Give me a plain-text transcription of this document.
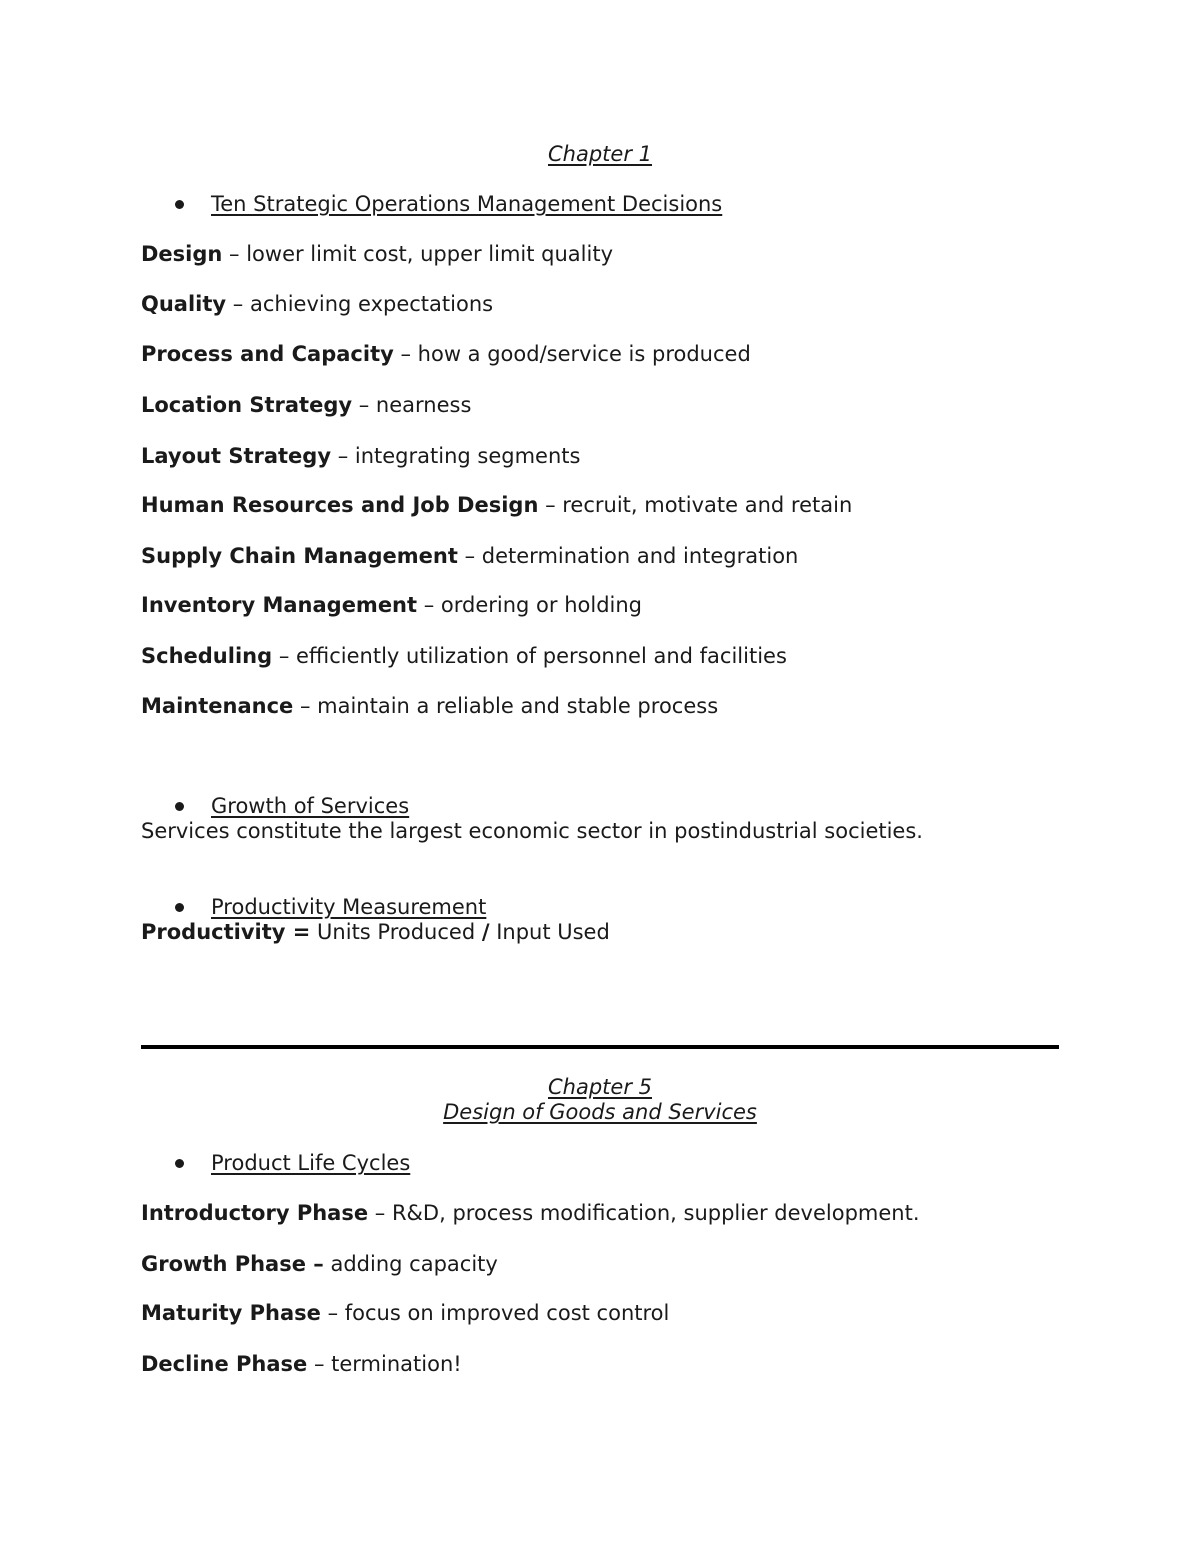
Chapter 1
Ten Strategic Operations Management Decisions
Design – lower limit cost, upper limit quality
Quality – achieving expectations
Process and Capacity – how a good/service is produced
Location Strategy – nearness
Layout Strategy – integrating segments
Human Resources and Job Design – recruit, motivate and retain
Supply Chain Management – determination and integration
Inventory Management – ordering or holding
Scheduling – efficiently utilization of personnel and facilities
Maintenance – maintain a reliable and stable process
Growth of Services
Services constitute the largest economic sector in postindustrial societies.
Productivity Measurement
Productivity = Units Produced / Input Used
Chapter 5
Design of Goods and Services
Product Life Cycles
Introductory Phase – R&D, process modification, supplier development.
Growth Phase – adding capacity
Maturity Phase – focus on improved cost control
Decline Phase – termination!
